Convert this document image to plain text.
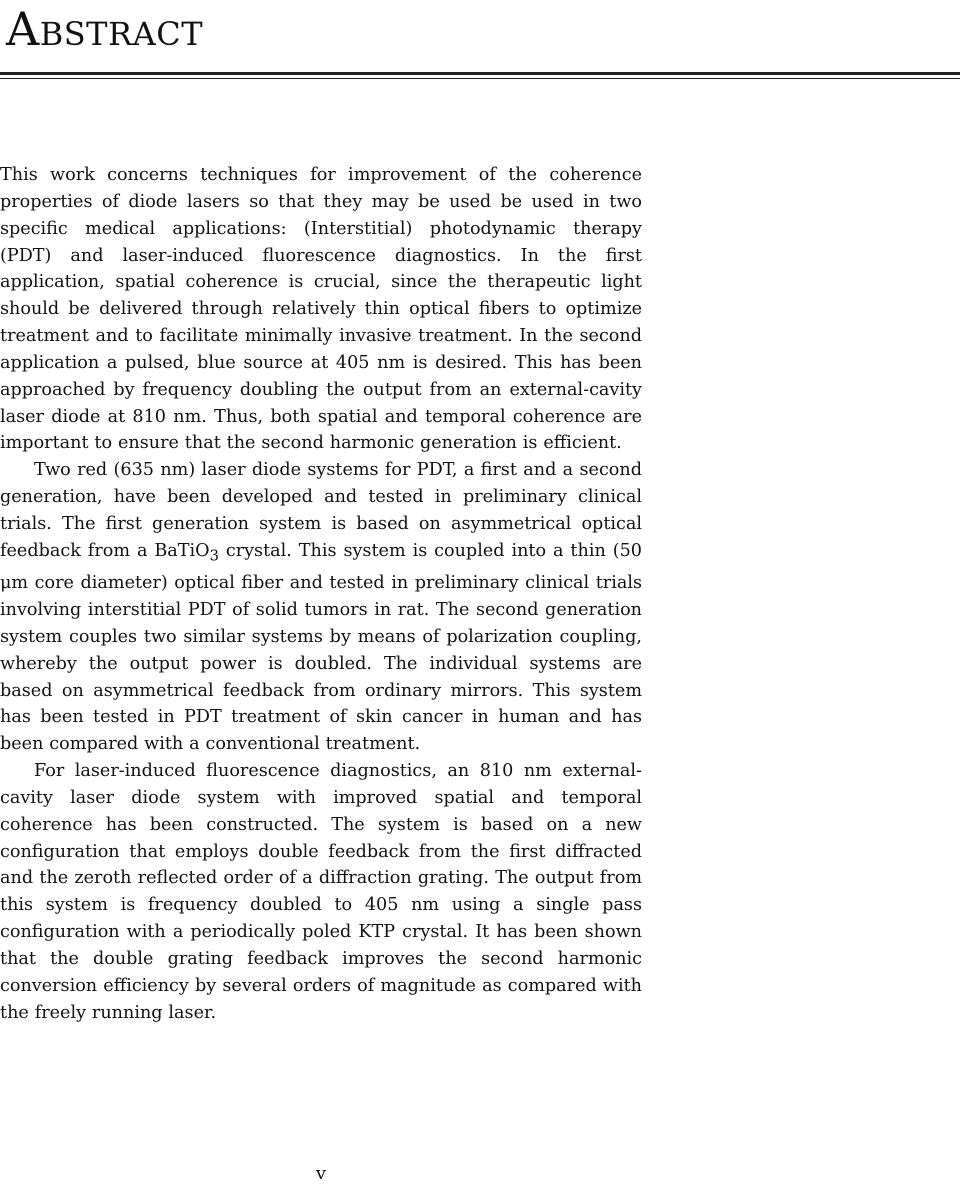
Abstract

This work concerns techniques for improvement of the coherence properties of diode lasers so that they may be used be used in two specific medical applications: (Interstitial) photodynamic therapy (PDT) and laser-induced fluorescence diagnostics. In the first application, spatial coherence is crucial, since the therapeutic light should be delivered through relatively thin optical fibers to optimize treatment and to facilitate minimally invasive treatment. In the second application a pulsed, blue source at 405 nm is desired. This has been approached by frequency doubling the output from an external-cavity laser diode at 810 nm. Thus, both spatial and temporal coherence are important to ensure that the second harmonic generation is efficient.

Two red (635 nm) laser diode systems for PDT, a first and a second generation, have been developed and tested in preliminary clinical trials. The first generation system is based on asymmetrical optical feedback from a BaTiO$_3$ crystal. This system is coupled into a thin (50 μm core diameter) optical fiber and tested in preliminary clinical trials involving interstitial PDT of solid tumors in rat. The second generation system couples two similar systems by means of polarization coupling, whereby the output power is doubled. The individual systems are based on asymmetrical feedback from ordinary mirrors. This system has been tested in PDT treatment of skin cancer in human and has been compared with a conventional treatment.

For laser-induced fluorescence diagnostics, an 810 nm external-cavity laser diode system with improved spatial and temporal coherence has been constructed. The system is based on a new configuration that employs double feedback from the first diffracted and the zeroth reflected order of a diffraction grating. The output from this system is frequency doubled to 405 nm using a single pass configuration with a periodically poled KTP crystal. It has been shown that the double grating feedback improves the second harmonic conversion efficiency by several orders of magnitude as compared with the freely running laser.

v
